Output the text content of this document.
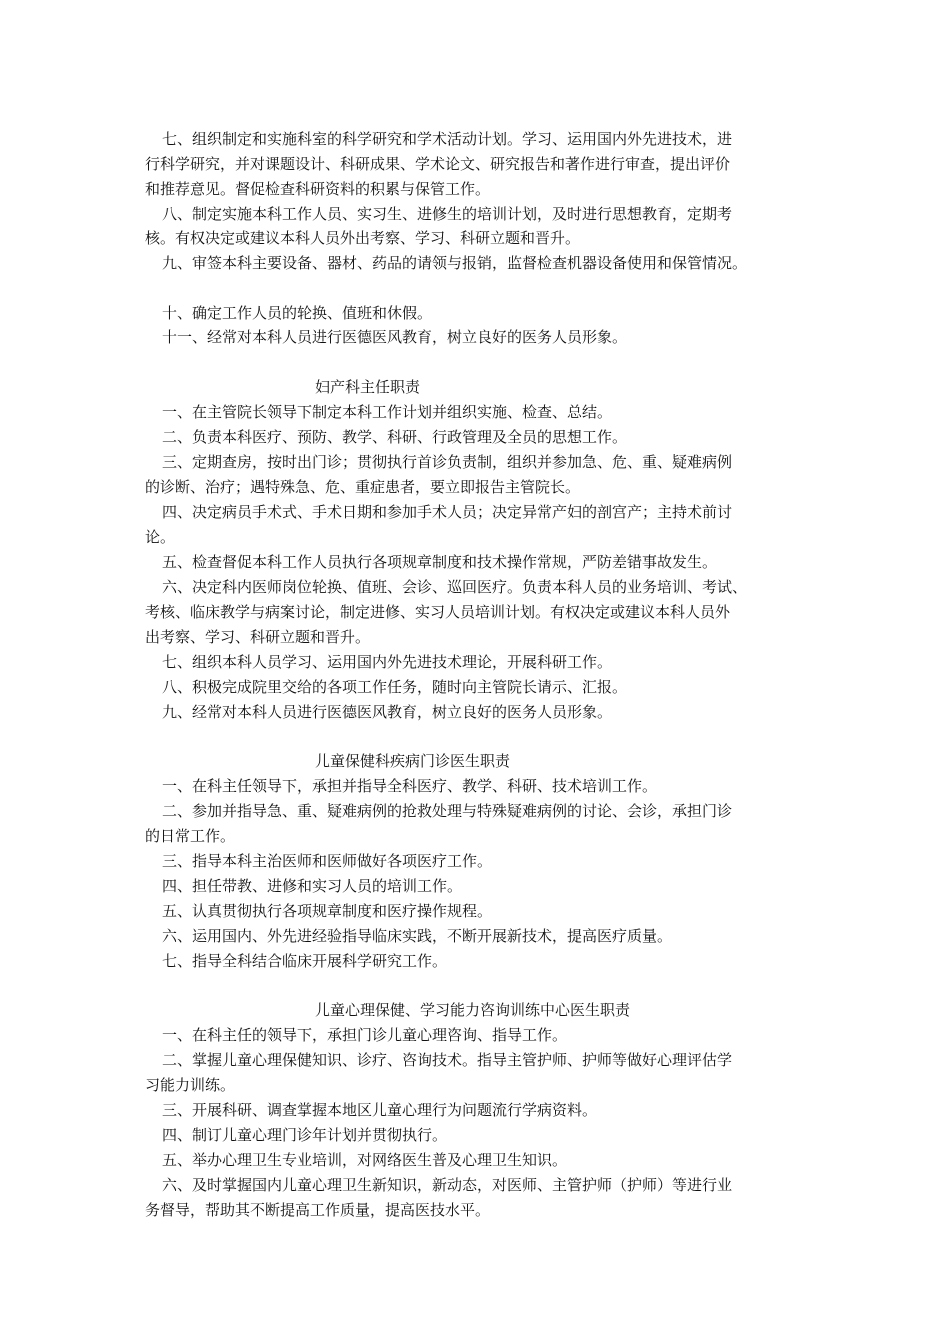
七、组织制定和实施科室的科学研究和学术活动计划。学习、运用国内外先进技术，进
行科学研究，并对课题设计、科研成果、学术论文、研究报告和著作进行审查，提出评价
和推荐意见。督促检查科研资料的积累与保管工作。
八、制定实施本科工作人员、实习生、进修生的培训计划，及时进行思想教育，定期考
核。有权决定或建议本科人员外出考察、学习、科研立题和晋升。
九、审签本科主要设备、器材、药品的请领与报销，监督检查机器设备使用和保管情况。
十、确定工作人员的轮换、值班和休假。
十一、经常对本科人员进行医德医风教育，树立良好的医务人员形象。
妇产科主任职责
一、在主管院长领导下制定本科工作计划并组织实施、检查、总结。
二、负责本科医疗、预防、教学、科研、行政管理及全员的思想工作。
三、定期查房，按时出门诊；贯彻执行首诊负责制，组织并参加急、危、重、疑难病例
的诊断、治疗；遇特殊急、危、重症患者，要立即报告主管院长。
四、决定病员手术式、手术日期和参加手术人员；决定异常产妇的剖宫产；主持术前讨
论。
五、检查督促本科工作人员执行各项规章制度和技术操作常规，严防差错事故发生。
六、决定科内医师岗位轮换、值班、会诊、巡回医疗。负责本科人员的业务培训、考试、
考核、临床教学与病案讨论，制定进修、实习人员培训计划。有权决定或建议本科人员外
出考察、学习、科研立题和晋升。
七、组织本科人员学习、运用国内外先进技术理论，开展科研工作。
八、积极完成院里交给的各项工作任务，随时向主管院长请示、汇报。
九、经常对本科人员进行医德医风教育，树立良好的医务人员形象。
儿童保健科疾病门诊医生职责
一、在科主任领导下，承担并指导全科医疗、教学、科研、技术培训工作。
二、参加并指导急、重、疑难病例的抢救处理与特殊疑难病例的讨论、会诊，承担门诊
的日常工作。
三、指导本科主治医师和医师做好各项医疗工作。
四、担任带教、进修和实习人员的培训工作。
五、认真贯彻执行各项规章制度和医疗操作规程。
六、运用国内、外先进经验指导临床实践，不断开展新技术，提高医疗质量。
七、指导全科结合临床开展科学研究工作。
儿童心理保健、学习能力咨询训练中心医生职责
一、在科主任的领导下，承担门诊儿童心理咨询、指导工作。
二、掌握儿童心理保健知识、诊疗、咨询技术。指导主管护师、护师等做好心理评估学
习能力训练。
三、开展科研、调查掌握本地区儿童心理行为问题流行学病资料。
四、制订儿童心理门诊年计划并贯彻执行。
五、举办心理卫生专业培训，对网络医生普及心理卫生知识。
六、及时掌握国内儿童心理卫生新知识，新动态，对医师、主管护师（护师）等进行业
务督导，帮助其不断提高工作质量，提高医技水平。
